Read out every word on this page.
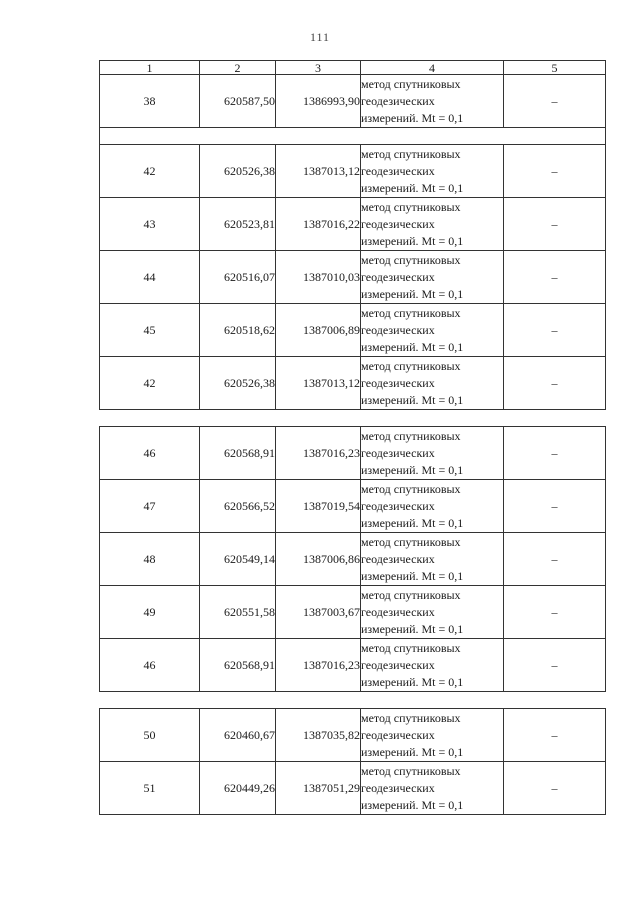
111
1	2	3	4	5
38	620587,50	1386993,90	метод спутниковых
геодезических
измерений. Mt = 0,1	–

42	620526,38	1387013,12	метод спутниковых
геодезических
измерений. Mt = 0,1	–
43	620523,81	1387016,22	метод спутниковых
геодезических
измерений. Mt = 0,1	–
44	620516,07	1387010,03	метод спутниковых
геодезических
измерений. Mt = 0,1	–
45	620518,62	1387006,89	метод спутниковых
геодезических
измерений. Mt = 0,1	–
42	620526,38	1387013,12	метод спутниковых
геодезических
измерений. Mt = 0,1	–

46	620568,91	1387016,23	метод спутниковых
геодезических
измерений. Mt = 0,1	–
47	620566,52	1387019,54	метод спутниковых
геодезических
измерений. Mt = 0,1	–
48	620549,14	1387006,86	метод спутниковых
геодезических
измерений. Mt = 0,1	–
49	620551,58	1387003,67	метод спутниковых
геодезических
измерений. Mt = 0,1	–
46	620568,91	1387016,23	метод спутниковых
геодезических
измерений. Mt = 0,1	–

50	620460,67	1387035,82	метод спутниковых
геодезических
измерений. Mt = 0,1	–
51	620449,26	1387051,29	метод спутниковых
геодезических
измерений. Mt = 0,1	–
